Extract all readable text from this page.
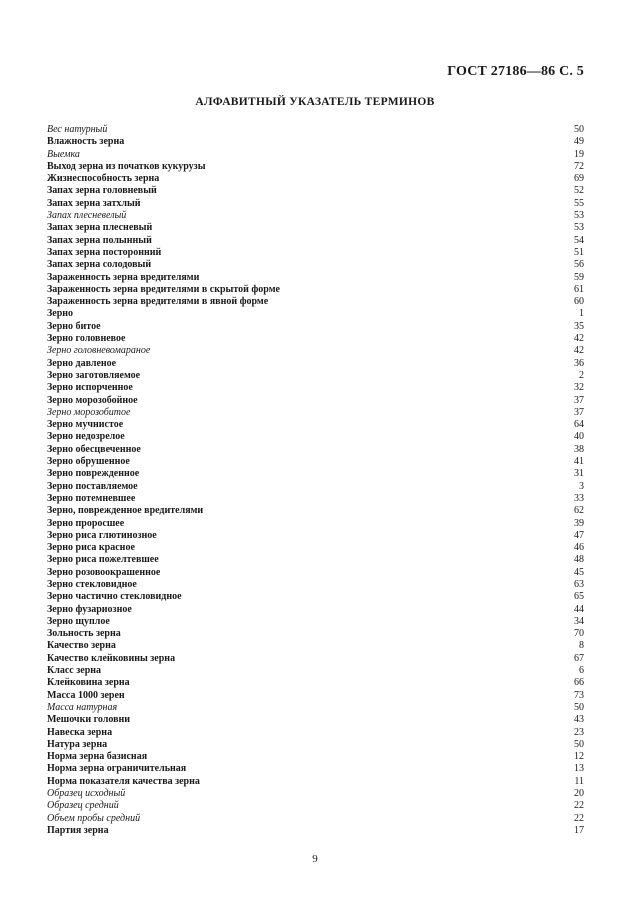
ГОСТ 27186—86 С. 5
АЛФАВИТНЫЙ УКАЗАТЕЛЬ ТЕРМИНОВ
Вес натурный	50
Влажность зерна	49
Выемка	19
Выход зерна из початков кукурузы	72
Жизнеспособность зерна	69
Запах зерна головневый	52
Запах зерна затхлый	55
Запах плесневелый	53
Запах зерна плесневый	53
Запах зерна полынный	54
Запах зерна посторонний	51
Запах зерна солодовый	56
Зараженность зерна вредителями	59
Зараженность зерна вредителями в скрытой форме	61
Зараженность зерна вредителями в явной форме	60
Зерно	1
Зерно битое	35
Зерно головневое	42
Зерно головневомараное	42
Зерно давленое	36
Зерно заготовляемое	2
Зерно испорченное	32
Зерно морозобойное	37
Зерно морозобитое	37
Зерно мучнистое	64
Зерно недозрелое	40
Зерно обесцвеченное	38
Зерно обрушенное	41
Зерно поврежденное	31
Зерно поставляемое	3
Зерно потемневшее	33
Зерно, поврежденное вредителями	62
Зерно проросшее	39
Зерно риса глютинозное	47
Зерно риса красное	46
Зерно риса пожелтевшее	48
Зерно розовоокрашенное	45
Зерно стекловидное	63
Зерно частично стекловидное	65
Зерно фузариозное	44
Зерно щуплое	34
Зольность зерна	70
Качество зерна	8
Качество клейковины зерна	67
Класс зерна	6
Клейковина зерна	66
Масса 1000 зерен	73
Масса натурная	50
Мешочки головни	43
Навеска зерна	23
Натура зерна	50
Норма зерна базисная	12
Норма зерна ограничительная	13
Норма показателя качества зерна	11
Образец исходный	20
Образец средний	22
Объем пробы средний	22
Партия зерна	17
9
